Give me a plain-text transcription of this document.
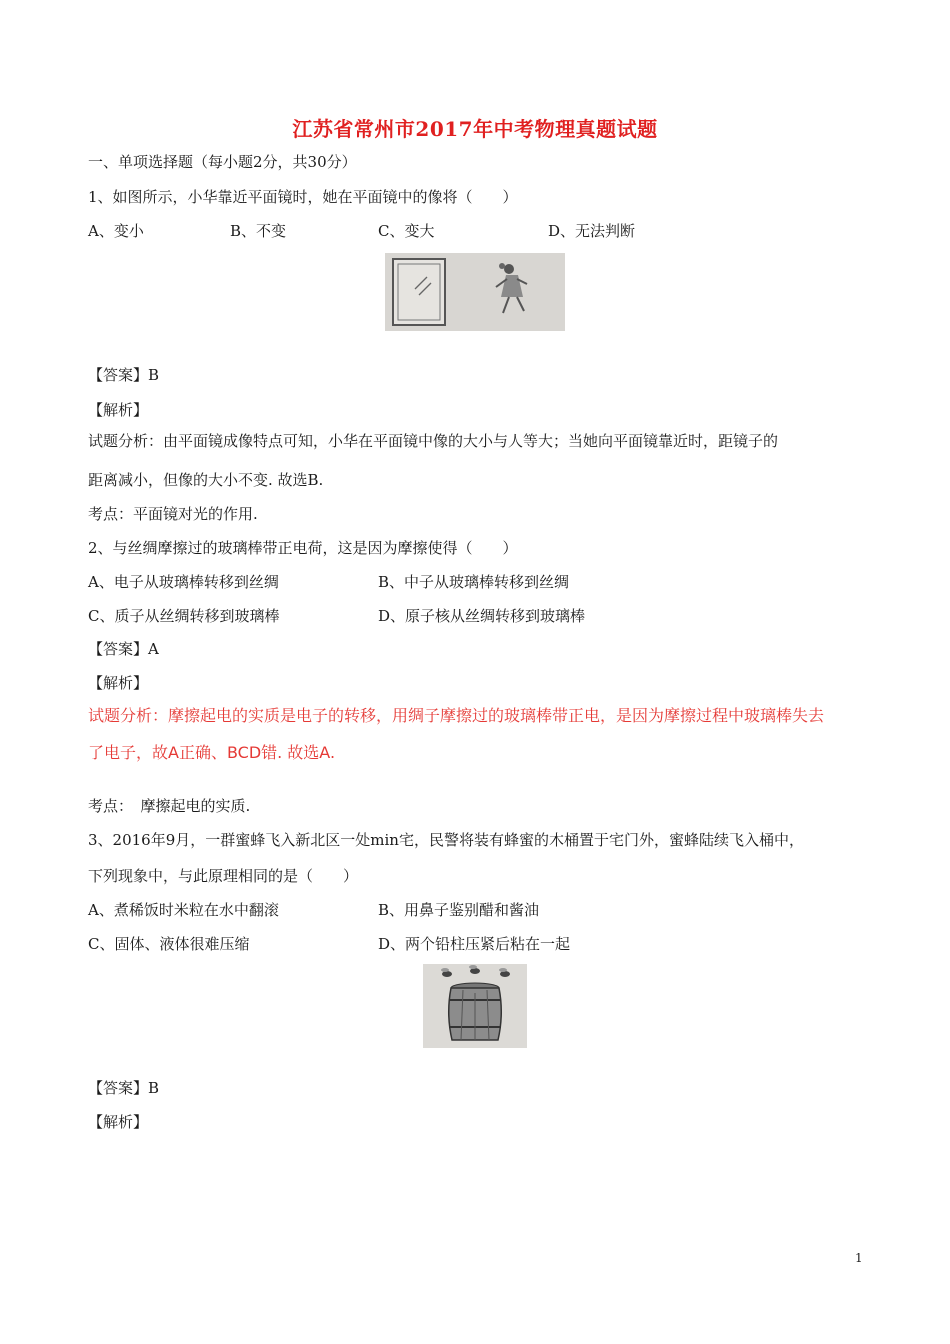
江苏省常州市2017年中考物理真题试题
一、单项选择题（每小题2分，共30分）
1、如图所示，小华靠近平面镜时，她在平面镜中的像将（　　）
A、变小	B、不变	C、变大	D、无法判断
【答案】B
【解析】
试题分析：由平面镜成像特点可知，小华在平面镜中像的大小与人等大；当她向平面镜靠近时，距镜子的
距离减小，但像的大小不变. 故选B.
考点：平面镜对光的作用.
2、与丝绸摩擦过的玻璃棒带正电荷，这是因为摩擦使得（　　）
A、电子从玻璃棒转移到丝绸	B、中子从玻璃棒转移到丝绸
C、质子从丝绸转移到玻璃棒	D、原子核从丝绸转移到玻璃棒
【答案】A
【解析】
试题分析：摩擦起电的实质是电子的转移，用绸子摩擦过的玻璃棒带正电，是因为摩擦过程中玻璃棒失去
了电子，故A正确、BCD错. 故选A.
考点：　摩擦起电的实质.
3、2016年9月，一群蜜蜂飞入新北区一处min宅，民警将装有蜂蜜的木桶置于宅门外，蜜蜂陆续飞入桶中，
下列现象中，与此原理相同的是（　　）
A、煮稀饭时米粒在水中翻滚	B、用鼻子鉴别醋和酱油
C、固体、液体很难压缩	D、两个铅柱压紧后粘在一起
【答案】B
【解析】
1
